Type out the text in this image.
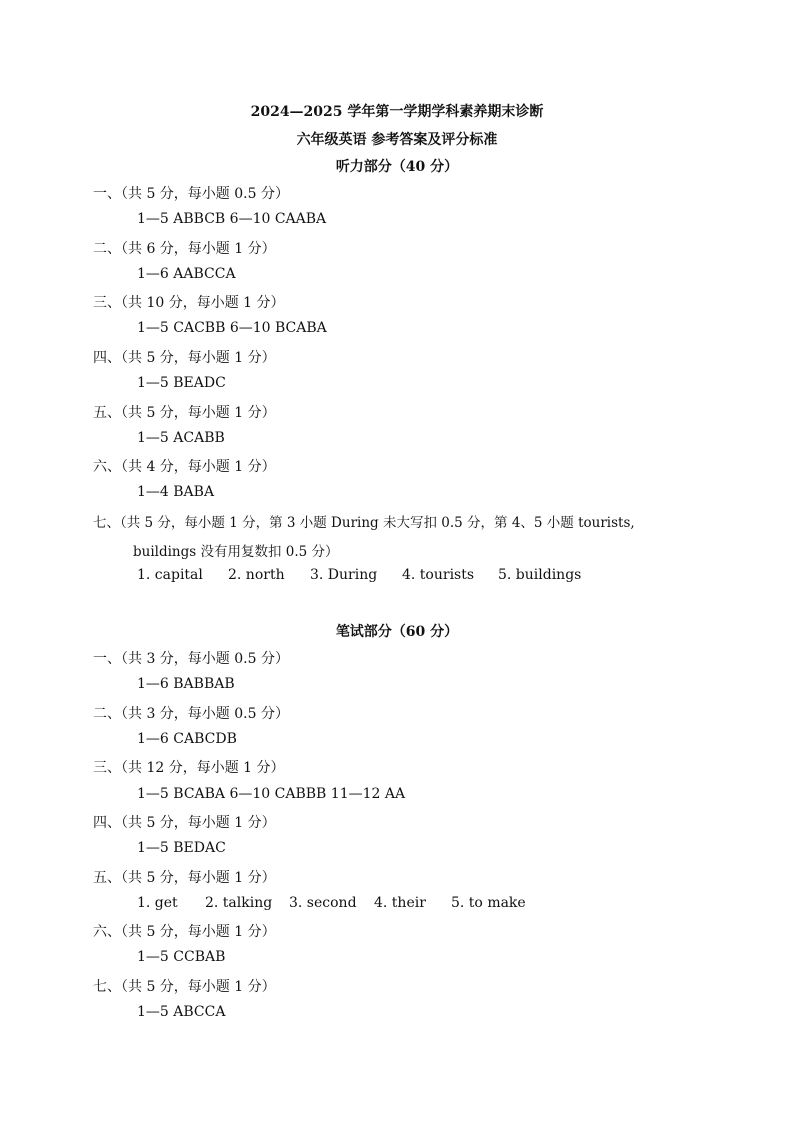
2024—2025 学年第一学期学科素养期末诊断
六年级英语 参考答案及评分标准
听力部分（40 分）
一、（共 5 分，每小题 0.5 分）
1—5 ABBCB 6—10 CAABA
二、（共 6 分，每小题 1 分）
1—6 AABCCA
三、（共 10 分，每小题 1 分）
1—5 CACBB 6—10 BCABA
四、（共 5 分，每小题 1 分）
1—5 BEADC
五、（共 5 分，每小题 1 分）
1—5 ACABB
六、（共 4 分，每小题 1 分）
1—4 BABA
七、（共 5 分，每小题 1 分，第 3 小题 During 未大写扣 0.5 分，第 4、5 小题 tourists,
buildings 没有用复数扣 0.5 分）
1. capital 2. north 3. During 4. tourists 5. buildings
笔试部分（60 分）
一、（共 3 分，每小题 0.5 分）
1—6 BABBAB
二、（共 3 分，每小题 0.5 分）
1—6 CABCDB
三、（共 12 分，每小题 1 分）
1—5 BCABA 6—10 CABBB 11—12 AA
四、（共 5 分，每小题 1 分）
1—5 BEDAC
五、（共 5 分，每小题 1 分）
1. get 2. talking 3. second 4. their 5. to make
六、（共 5 分，每小题 1 分）
1—5 CCBAB
七、（共 5 分，每小题 1 分）
1—5 ABCCA
